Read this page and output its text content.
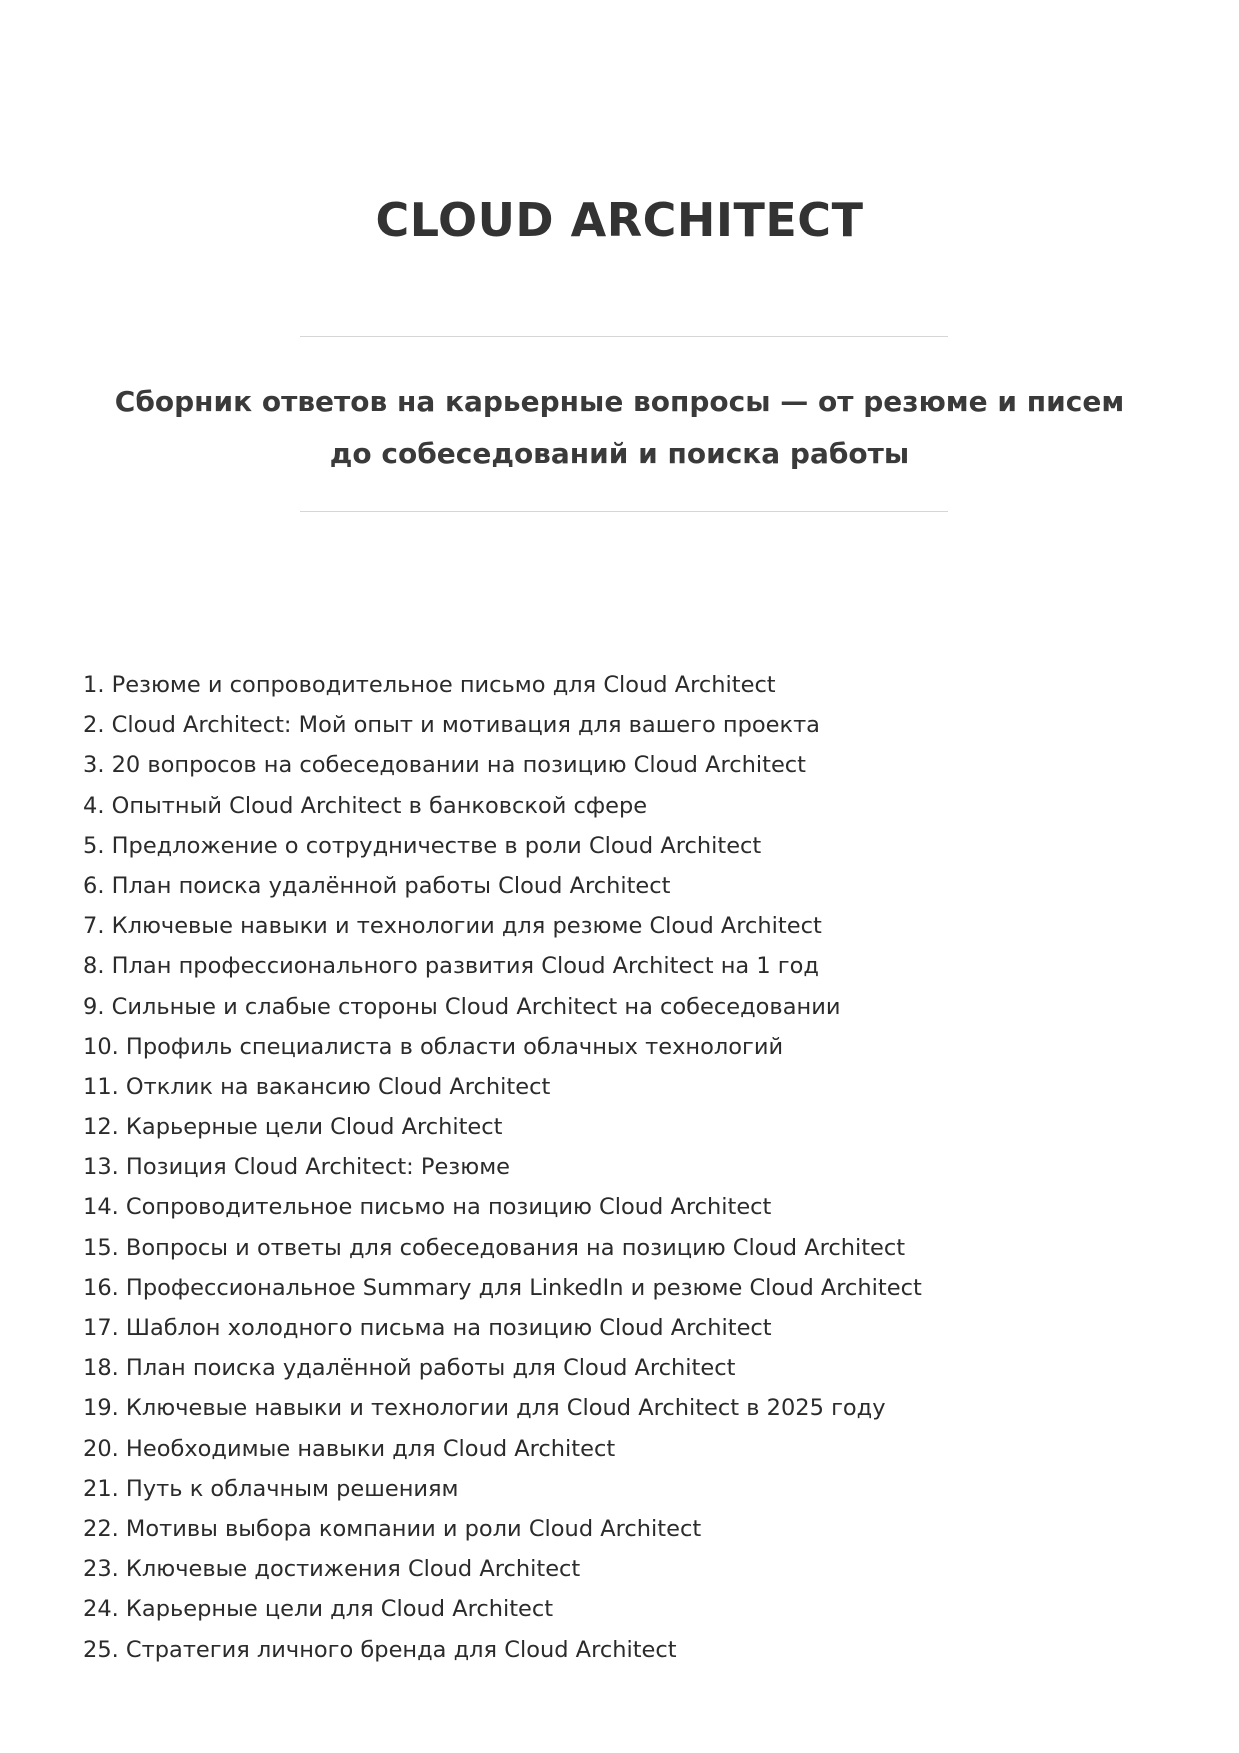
CLOUD ARCHITECT

Сборник ответов на карьерные вопросы — от резюме и писем до собеседований и поиска работы

1. Резюме и сопроводительное письмо для Cloud Architect
2. Cloud Architect: Мой опыт и мотивация для вашего проекта
3. 20 вопросов на собеседовании на позицию Cloud Architect
4. Опытный Cloud Architect в банковской сфере
5. Предложение о сотрудничестве в роли Cloud Architect
6. План поиска удалённой работы Cloud Architect
7. Ключевые навыки и технологии для резюме Cloud Architect
8. План профессионального развития Cloud Architect на 1 год
9. Сильные и слабые стороны Cloud Architect на собеседовании
10. Профиль специалиста в области облачных технологий
11. Отклик на вакансию Cloud Architect
12. Карьерные цели Cloud Architect
13. Позиция Cloud Architect: Резюме
14. Сопроводительное письмо на позицию Cloud Architect
15. Вопросы и ответы для собеседования на позицию Cloud Architect
16. Профессиональное Summary для LinkedIn и резюме Cloud Architect
17. Шаблон холодного письма на позицию Cloud Architect
18. План поиска удалённой работы для Cloud Architect
19. Ключевые навыки и технологии для Cloud Architect в 2025 году
20. Необходимые навыки для Cloud Architect
21. Путь к облачным решениям
22. Мотивы выбора компании и роли Cloud Architect
23. Ключевые достижения Cloud Architect
24. Карьерные цели для Cloud Architect
25. Стратегия личного бренда для Cloud Architect
